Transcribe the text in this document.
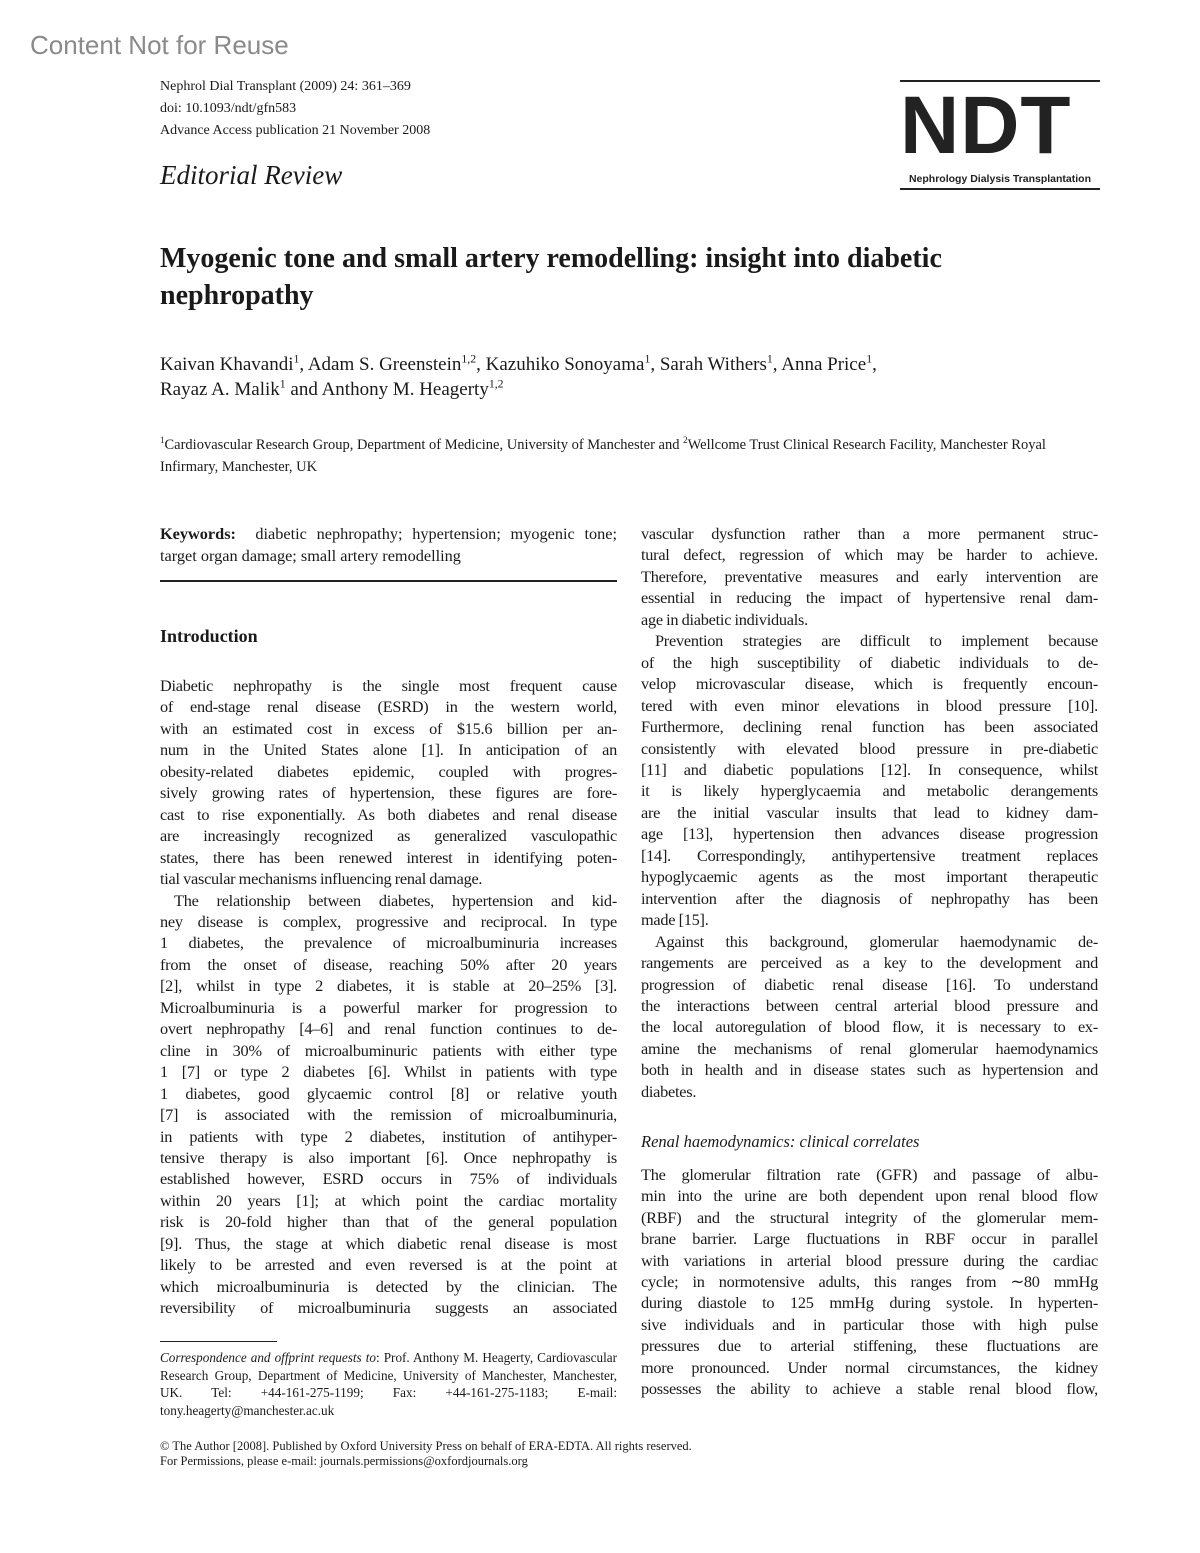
Content Not for Reuse
Nephrol Dial Transplant (2009) 24: 361–369
doi: 10.1093/ndt/gfn583
Advance Access publication 21 November 2008
Editorial Review
NDT
Nephrology Dialysis Transplantation
Myogenic tone and small artery remodelling: insight into diabetic nephropathy
Kaivan Khavandi$^1$, Adam S. Greenstein$^{1,2}$, Kazuhiko Sonoyama$^1$, Sarah Withers$^1$, Anna Price$^1$,
Rayaz A. Malik$^1$ and Anthony M. Heagerty$^{1,2}$
$^1$Cardiovascular Research Group, Department of Medicine, University of Manchester and $^2$Wellcome Trust Clinical Research Facility, Manchester Royal Infirmary, Manchester, UK
Keywords: diabetic nephropathy; hypertension; myogenic tone; target organ damage; small artery remodelling
Introduction
Diabetic nephropathy is the single most frequent cause
of end-stage renal disease (ESRD) in the western world,
with an estimated cost in excess of $15.6 billion per an-
num in the United States alone [1]. In anticipation of an
obesity-related diabetes epidemic, coupled with progres-
sively growing rates of hypertension, these figures are fore-
cast to rise exponentially. As both diabetes and renal disease
are increasingly recognized as generalized vasculopathic
states, there has been renewed interest in identifying poten-
tial vascular mechanisms influencing renal damage.
The relationship between diabetes, hypertension and kid-
ney disease is complex, progressive and reciprocal. In type
1 diabetes, the prevalence of microalbuminuria increases
from the onset of disease, reaching 50% after 20 years
[2], whilst in type 2 diabetes, it is stable at 20–25% [3].
Microalbuminuria is a powerful marker for progression to
overt nephropathy [4–6] and renal function continues to de-
cline in 30% of microalbuminuric patients with either type
1 [7] or type 2 diabetes [6]. Whilst in patients with type
1 diabetes, good glycaemic control [8] or relative youth
[7] is associated with the remission of microalbuminuria,
in patients with type 2 diabetes, institution of antihyper-
tensive therapy is also important [6]. Once nephropathy is
established however, ESRD occurs in 75% of individuals
within 20 years [1]; at which point the cardiac mortality
risk is 20-fold higher than that of the general population
[9]. Thus, the stage at which diabetic renal disease is most
likely to be arrested and even reversed is at the point at
which microalbuminuria is detected by the clinician. The
reversibility of microalbuminuria suggests an associated
vascular dysfunction rather than a more permanent struc-
tural defect, regression of which may be harder to achieve.
Therefore, preventative measures and early intervention are
essential in reducing the impact of hypertensive renal dam-
age in diabetic individuals.
Prevention strategies are difficult to implement because
of the high susceptibility of diabetic individuals to de-
velop microvascular disease, which is frequently encoun-
tered with even minor elevations in blood pressure [10].
Furthermore, declining renal function has been associated
consistently with elevated blood pressure in pre-diabetic
[11] and diabetic populations [12]. In consequence, whilst
it is likely hyperglycaemia and metabolic derangements
are the initial vascular insults that lead to kidney dam-
age [13], hypertension then advances disease progression
[14]. Correspondingly, antihypertensive treatment replaces
hypoglycaemic agents as the most important therapeutic
intervention after the diagnosis of nephropathy has been
made [15].
Against this background, glomerular haemodynamic de-
rangements are perceived as a key to the development and
progression of diabetic renal disease [16]. To understand
the interactions between central arterial blood pressure and
the local autoregulation of blood flow, it is necessary to ex-
amine the mechanisms of renal glomerular haemodynamics
both in health and in disease states such as hypertension and
diabetes.
Renal haemodynamics: clinical correlates
The glomerular filtration rate (GFR) and passage of albu-
min into the urine are both dependent upon renal blood flow
(RBF) and the structural integrity of the glomerular mem-
brane barrier. Large fluctuations in RBF occur in parallel
with variations in arterial blood pressure during the cardiac
cycle; in normotensive adults, this ranges from ∼80 mmHg
during diastole to 125 mmHg during systole. In hyperten-
sive individuals and in particular those with high pulse
pressures due to arterial stiffening, these fluctuations are
more pronounced. Under normal circumstances, the kidney
possesses the ability to achieve a stable renal blood flow,
Correspondence and offprint requests to: Prof. Anthony M. Heagerty, Cardiovascular Research Group, Department of Medicine, University of Manchester, Manchester, UK. Tel: +44-161-275-1199; Fax: +44-161-275-1183; E-mail: tony.heagerty@manchester.ac.uk
© The Author [2008]. Published by Oxford University Press on behalf of ERA-EDTA. All rights reserved.
For Permissions, please e-mail: journals.permissions@oxfordjournals.org
